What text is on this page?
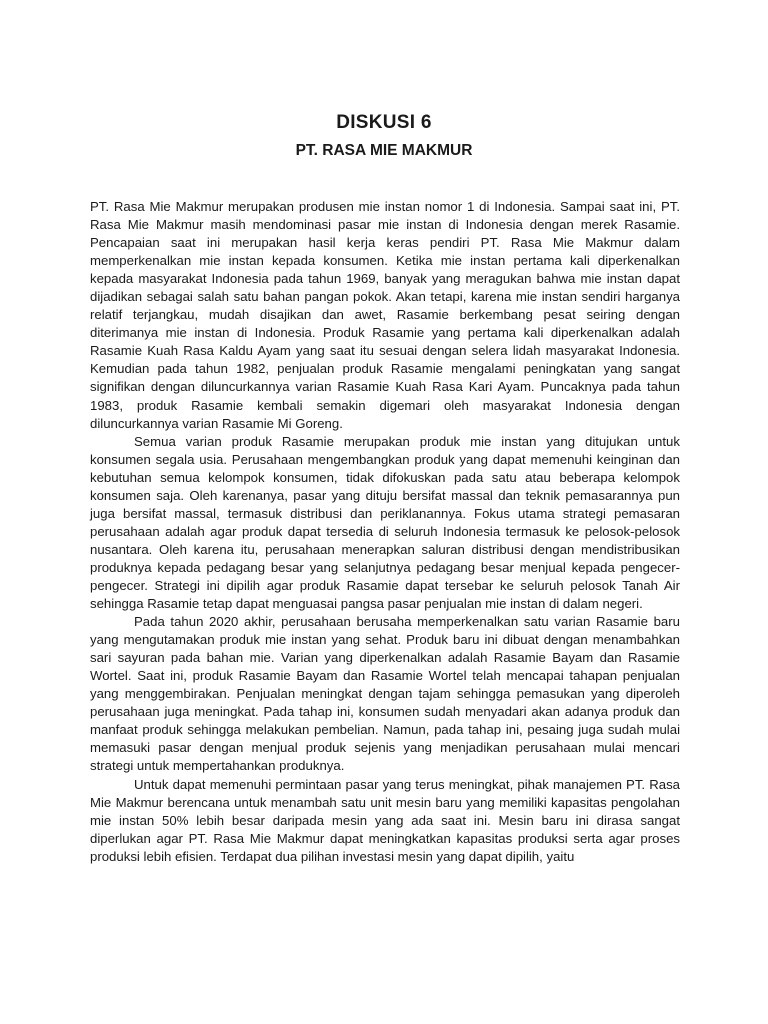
DISKUSI 6
PT. RASA MIE MAKMUR

PT. Rasa Mie Makmur merupakan produsen mie instan nomor 1 di Indonesia. Sampai saat ini, PT. Rasa Mie Makmur masih mendominasi pasar mie instan di Indonesia dengan merek Rasamie. Pencapaian saat ini merupakan hasil kerja keras pendiri PT. Rasa Mie Makmur dalam memperkenalkan mie instan kepada konsumen. Ketika mie instan pertama kali diperkenalkan kepada masyarakat Indonesia pada tahun 1969, banyak yang meragukan bahwa mie instan dapat dijadikan sebagai salah satu bahan pangan pokok. Akan tetapi, karena mie instan sendiri harganya relatif terjangkau, mudah disajikan dan awet, Rasamie berkembang pesat seiring dengan diterimanya mie instan di Indonesia. Produk Rasamie yang pertama kali diperkenalkan adalah Rasamie Kuah Rasa Kaldu Ayam yang saat itu sesuai dengan selera lidah masyarakat Indonesia. Kemudian pada tahun 1982, penjualan produk Rasamie mengalami peningkatan yang sangat signifikan dengan diluncurkannya varian Rasamie Kuah Rasa Kari Ayam. Puncaknya pada tahun 1983, produk Rasamie kembali semakin digemari oleh masyarakat Indonesia dengan diluncurkannya varian Rasamie Mi Goreng.

Semua varian produk Rasamie merupakan produk mie instan yang ditujukan untuk konsumen segala usia. Perusahaan mengembangkan produk yang dapat memenuhi keinginan dan kebutuhan semua kelompok konsumen, tidak difokuskan pada satu atau beberapa kelompok konsumen saja. Oleh karenanya, pasar yang dituju bersifat massal dan teknik pemasarannya pun juga bersifat massal, termasuk distribusi dan periklanannya. Fokus utama strategi pemasaran perusahaan adalah agar produk dapat tersedia di seluruh Indonesia termasuk ke pelosok-pelosok nusantara. Oleh karena itu, perusahaan menerapkan saluran distribusi dengan mendistribusikan produknya kepada pedagang besar yang selanjutnya pedagang besar menjual kepada pengecer-pengecer. Strategi ini dipilih agar produk Rasamie dapat tersebar ke seluruh pelosok Tanah Air sehingga Rasamie tetap dapat menguasai pangsa pasar penjualan mie instan di dalam negeri.

Pada tahun 2020 akhir, perusahaan berusaha memperkenalkan satu varian Rasamie baru yang mengutamakan produk mie instan yang sehat. Produk baru ini dibuat dengan menambahkan sari sayuran pada bahan mie. Varian yang diperkenalkan adalah Rasamie Bayam dan Rasamie Wortel. Saat ini, produk Rasamie Bayam dan Rasamie Wortel telah mencapai tahapan penjualan yang menggembirakan. Penjualan meningkat dengan tajam sehingga pemasukan yang diperoleh perusahaan juga meningkat. Pada tahap ini, konsumen sudah menyadari akan adanya produk dan manfaat produk sehingga melakukan pembelian. Namun, pada tahap ini, pesaing juga sudah mulai memasuki pasar dengan menjual produk sejenis yang menjadikan perusahaan mulai mencari strategi untuk mempertahankan produknya.

Untuk dapat memenuhi permintaan pasar yang terus meningkat, pihak manajemen PT. Rasa Mie Makmur berencana untuk menambah satu unit mesin baru yang memiliki kapasitas pengolahan mie instan 50% lebih besar daripada mesin yang ada saat ini. Mesin baru ini dirasa sangat diperlukan agar PT. Rasa Mie Makmur dapat meningkatkan kapasitas produksi serta agar proses produksi lebih efisien. Terdapat dua pilihan investasi mesin yang dapat dipilih, yaitu
